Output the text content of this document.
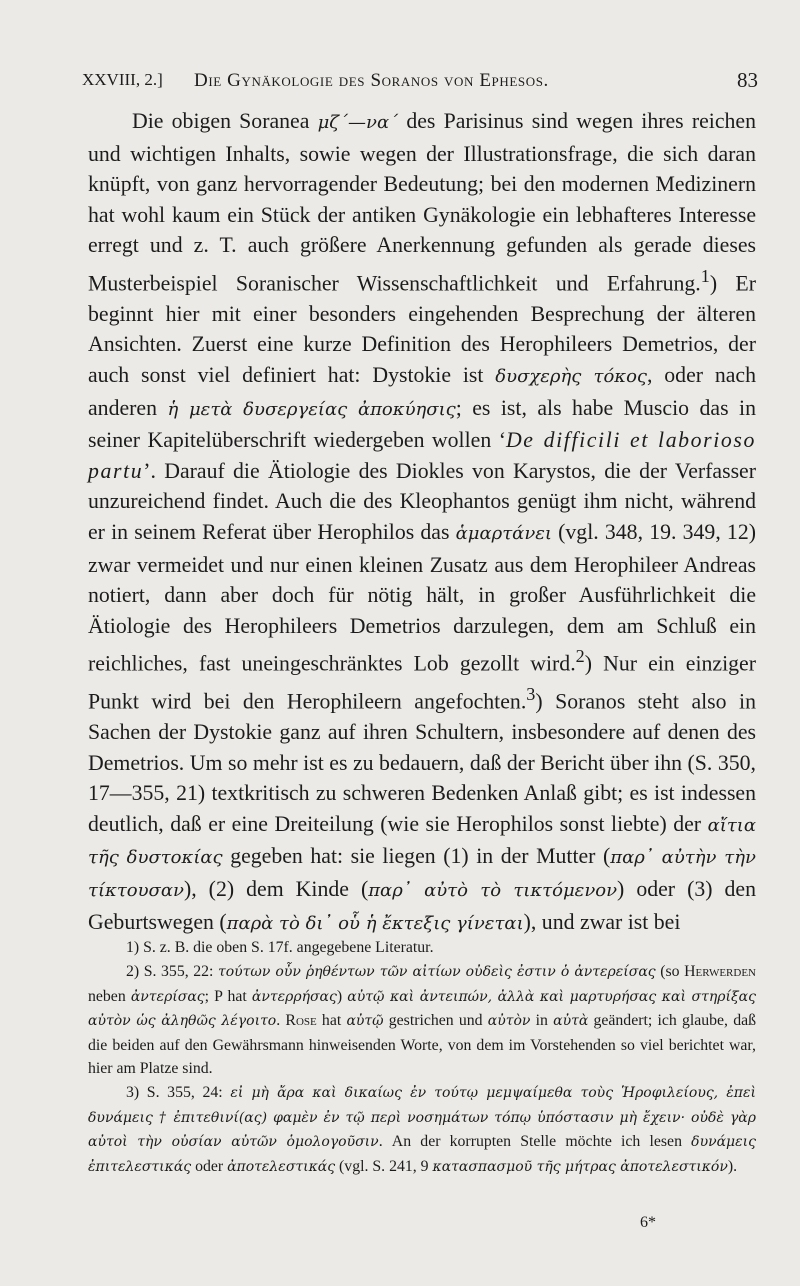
XXVIII, 2.] Die Gynäkologie des Soranos von Ephesos.	83

Die obigen Soranea μζ΄—να΄ des Parisinus sind wegen ihres reichen und wichtigen Inhalts, sowie wegen der Illustrationsfrage, die sich daran knüpft, von ganz hervorragender Bedeutung; bei den modernen Medizinern hat wohl kaum ein Stück der antiken Gynäkologie ein lebhafteres Interesse erregt und z. T. auch größere Anerkennung gefunden als gerade dieses Musterbeispiel Soranischer Wissenschaftlichkeit und Erfahrung.$^1$) Er beginnt hier mit einer besonders eingehenden Besprechung der älteren Ansichten. Zuerst eine kurze Definition des Herophileers Demetrios, der auch sonst viel definiert hat: Dystokie ist δυσχερὴς τόκος, oder nach anderen ἡ μετὰ δυσεργείας ἀποκύησις; es ist, als habe Muscio das in seiner Kapitelüberschrift wiedergeben wollen ‘De difficili et laborioso partu’. Darauf die Ätiologie des Diokles von Karystos, die der Verfasser unzureichend findet. Auch die des Kleophantos genügt ihm nicht, während er in seinem Referat über Herophilos das ἁμαρτάνει (vgl. 348, 19. 349, 12) zwar vermeidet und nur einen kleinen Zusatz aus dem Herophileer Andreas notiert, dann aber doch für nötig hält, in großer Ausführlichkeit die Ätiologie des Herophileers Demetrios darzulegen, dem am Schluß ein reichliches, fast uneingeschränktes Lob gezollt wird.$^2$) Nur ein einziger Punkt wird bei den Herophileern angefochten.$^3$) Soranos steht also in Sachen der Dystokie ganz auf ihren Schultern, insbesondere auf denen des Demetrios. Um so mehr ist es zu bedauern, daß der Bericht über ihn (S. 350, 17—355, 21) textkritisch zu schweren Bedenken Anlaß gibt; es ist indessen deutlich, daß er eine Dreiteilung (wie sie Herophilos sonst liebte) der αἴτια τῆς δυστοκίας gegeben hat: sie liegen (1) in der Mutter (παρ᾽ αὐτὴν τὴν τίκτουσαν), (2) dem Kinde (παρ᾽ αὐτὸ τὸ τικτόμενον) oder (3) den Geburtswegen (παρὰ τὸ δι᾽ οὗ ἡ ἔκτεξις γίνεται), und zwar ist bei

1) S. z. B. die oben S. 17f. angegebene Literatur.

2) S. 355, 22: τούτων οὖν ῥηθέντων τῶν αἰτίων οὐδεὶς ἐστιν ὁ ἀντερείσας (so Herwerden neben ἀντερίσας; P hat ἀντερρήσας) αὐτῷ καὶ ἀντειπών, ἀλλὰ καὶ μαρτυρήσας καὶ στηρίξας αὐτὸν ὡς ἀληθῶς λέγοιτο. Rose hat αὐτῷ gestrichen und αὐτὸν in αὐτὰ geändert; ich glaube, daß die beiden auf den Gewährsmann hinweisenden Worte, von dem im Vorstehenden so viel berichtet war, hier am Platze sind.

3) S. 355, 24: εἰ μὴ ἄρα καὶ δικαίως ἐν τούτῳ μεμψαίμεθα τοὺς Ἡροφιλείους, ἐπεὶ δυνάμεις † ἐπιτεθινί(ας) φαμὲν ἐν τῷ περὶ νοσημάτων τόπῳ ὑπόστασιν μὴ ἔχειν· οὐδὲ γὰρ αὐτοὶ τὴν οὐσίαν αὐτῶν ὁμολογοῦσιν. An der korrupten Stelle möchte ich lesen δυνάμεις ἐπιτελεστικάς oder ἀποτελεστικάς (vgl. S. 241, 9 κατασπασμοῦ τῆς μήτρας ἀποτελεστικόν).

6*
